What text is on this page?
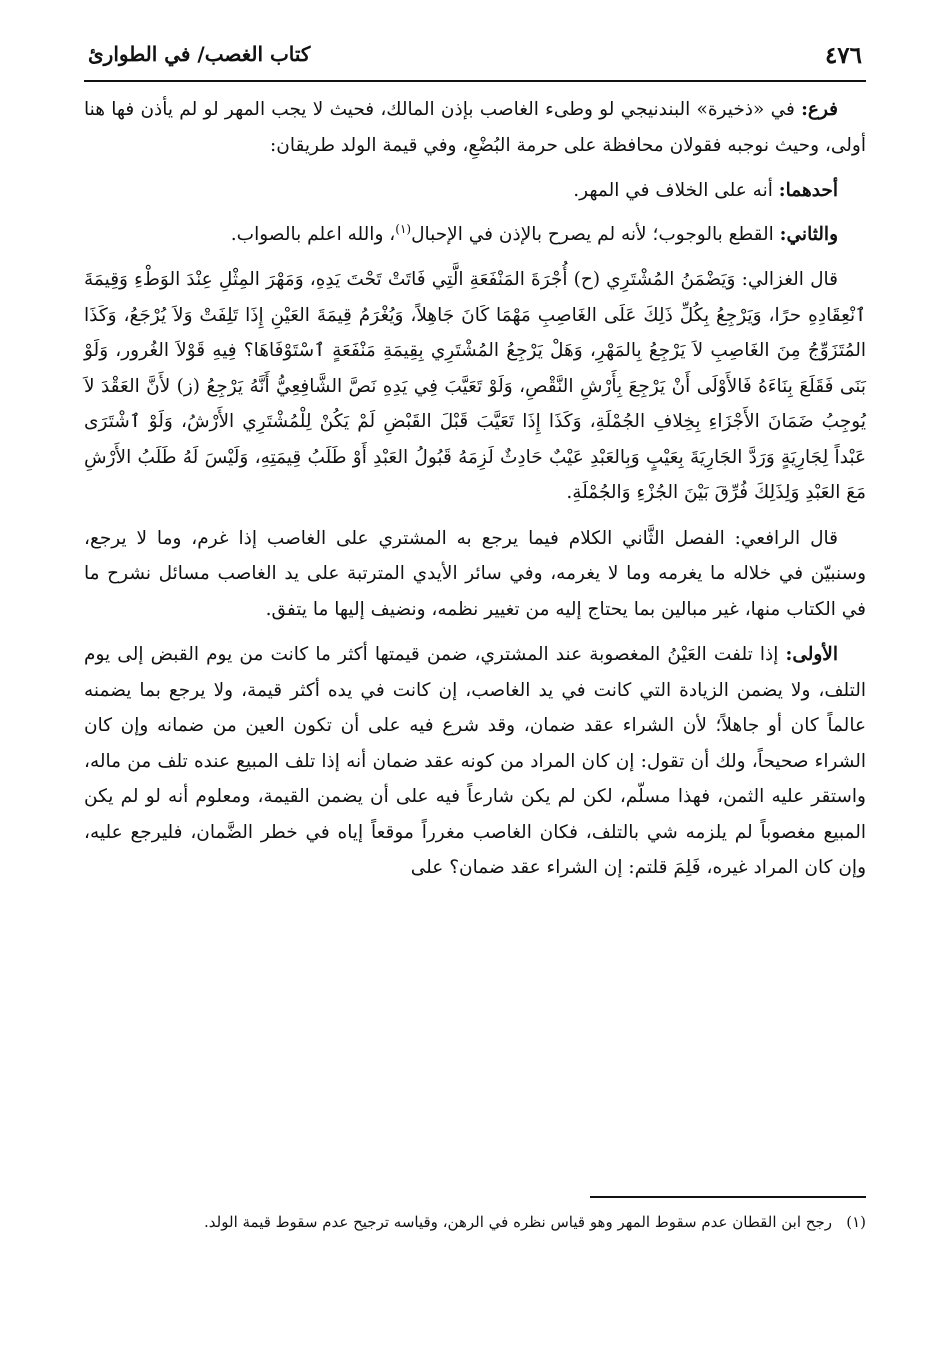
٤٧٦
كتاب الغصب/ في الطوارئ

فرع: في «ذخيرة» البندنيجي لو وطىء الغاصب بإذن المالك، فحيث لا يجب المهر لو لم يأذن فها هنا أولى، وحيث نوجبه فقولان محافظة على حرمة البُضْعِ، وفي قيمة الولد طريقان:

أحدهما: أنه على الخلاف في المهر.

والثاني: القطع بالوجوب؛ لأنه لم يصرح بالإذن في الإحبال$^{(١)}$، والله اعلم بالصواب.

قال الغزالي: وَيَضْمَنُ المُشْتَرِي (ح) أُجْرَةَ المَنْفَعَةِ الَّتِي فَاتَتْ تَحْتَ يَدِهِ، وَمَهْرَ المِثْلِ عِنْدَ الوَطْءِ وَقِيمَةَ ٱنْعِقَادِهِ حرًا، وَيَرْجِعُ بِكُلِّ ذَلِكَ عَلَى الغَاصِبِ مَهْمَا كَانَ جَاهِلاً، وَيُغْرَمُ قِيمَةَ العَيْنِ إِذَا تَلِفَتْ وَلاَ يُرْجَعُ، وَكَذَا المُتَزَوِّجُ مِنَ الغَاصِبِ لاَ يَرْجِعُ بِالمَهْرِ، وَهَلْ يَرْجِعُ المُشْتَرِي بِقِيمَةِ مَنْفَعَةٍ ٱسْتَوْفَاهَا؟ فِيهِ قَوْلاَ الغُرور، وَلَوْ بَنَى فَقَلَعَ بِنَاءَهُ فَالأَوْلَى أَنْ يَرْجِعَ بِأَرْشِ النَّقْصِ، وَلَوْ تَعَيَّبَ فِي يَدِهِ نَصَّ الشَّافِعِيُّ أَنَّهُ يَرْجِعُ (ز) لأَنَّ العَقْدَ لاَ يُوجِبُ ضَمَانَ الأَجْزَاءِ بِخِلافِ الجُمْلَةِ، وَكَذَا إِذَا تَعَيَّبَ قَبْلَ القَبْضِ لَمْ يَكُنْ لِلْمُشْتَرِي الأَرْشُ، وَلَوْ ٱشْتَرَى عَبْداً لِجَارِيَةٍ وَرَدَّ الجَارِيَةَ بِعَيْبٍ وَبِالعَبْدِ عَيْبٌ حَادِثٌ لَزِمَهُ قَبُولُ العَبْدِ أَوْ طَلَبُ قِيمَتِهِ، وَلَيْسَ لَهُ طَلَبُ الأَرْشِ مَعَ العَبْدِ وَلِذَلِكَ فُرِّقَ بَيْنَ الجُزْءِ وَالجُمْلَةِ.

قال الرافعي: الفصل الثَّاني الكلام فيما يرجع به المشتري على الغاصب إذا غرم، وما لا يرجع، وسنبيّن في خلاله ما يغرمه وما لا يغرمه، وفي سائر الأيدي المترتبة على يد الغاصب مسائل نشرح ما في الكتاب منها، غير مبالين بما يحتاج إليه من تغيير نظمه، ونضيف إليها ما يتفق.

الأولى: إذا تلفت العَيْنُ المغصوبة عند المشتري، ضمن قيمتها أكثر ما كانت من يوم القبض إلى يوم التلف، ولا يضمن الزيادة التي كانت في يد الغاصب، إن كانت في يده أكثر قيمة، ولا يرجع بما يضمنه عالماً كان أو جاهلاً؛ لأن الشراء عقد ضمان، وقد شرع فيه على أن تكون العين من ضمانه وإن كان الشراء صحيحاً، ولك أن تقول: إن كان المراد من كونه عقد ضمان أنه إذا تلف المبيع عنده تلف من ماله، واستقر عليه الثمن، فهذا مسلّم، لكن لم يكن شارعاً فيه على أن يضمن القيمة، ومعلوم أنه لو لم يكن المبيع مغصوباً لم يلزمه شي بالتلف، فكان الغاصب مغرراً موقعاً إياه في خطر الضَّمان، فليرجع عليه، وإن كان المراد غيره، فَلِمَ قلتم: إن الشراء عقد ضمان؟ على

(١)رجح ابن القطان عدم سقوط المهر وهو قياس نظره في الرهن، وقياسه ترجيح عدم سقوط قيمة الولد.
